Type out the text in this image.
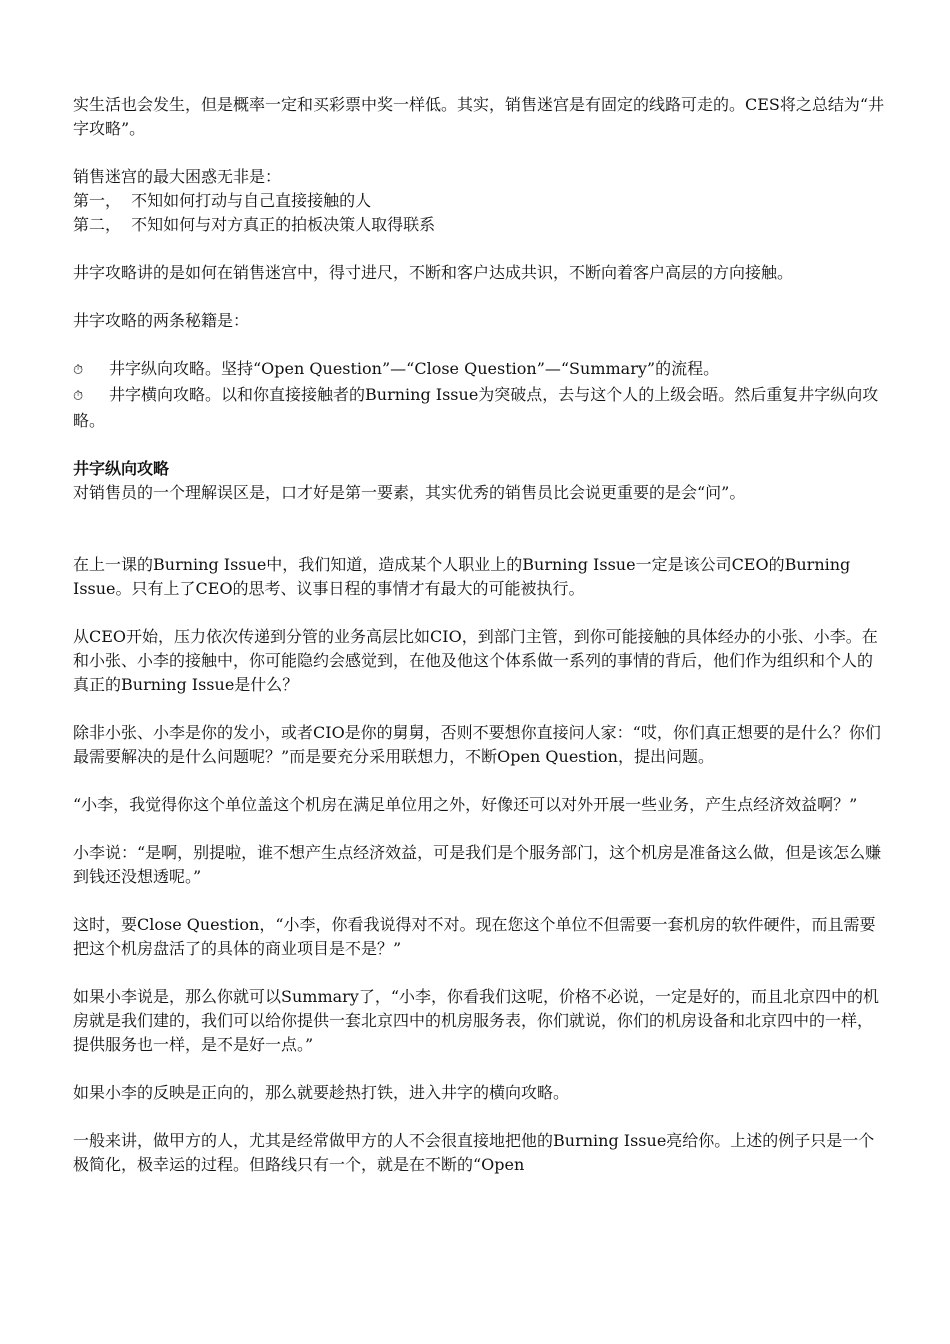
实生活也会发生，但是概率一定和买彩票中奖一样低。其实，销售迷宫是有固定的线路可走的。CES将之总结为“井字攻略”。

销售迷宫的最大困惑无非是：

第一，  不知如何打动与自己直接接触的人

第二，  不知如何与对方真正的拍板决策人取得联系

井字攻略讲的是如何在销售迷宫中，得寸进尺，不断和客户达成共识，不断向着客户高层的方向接触。

井字攻略的两条秘籍是：

⏱ 井字纵向攻略。坚持“Open Question”—“Close Question”—“Summary”的流程。

⏱ 井字横向攻略。以和你直接接触者的Burning Issue为突破点，去与这个人的上级会晤。然后重复井字纵向攻略。

井字纵向攻略

对销售员的一个理解误区是，口才好是第一要素，其实优秀的销售员比会说更重要的是会“问”。

在上一课的Burning Issue中，我们知道，造成某个人职业上的Burning Issue一定是该公司CEO的Burning Issue。只有上了CEO的思考、议事日程的事情才有最大的可能被执行。

从CEO开始，压力依次传递到分管的业务高层比如CIO，到部门主管，到你可能接触的具体经办的小张、小李。在和小张、小李的接触中，你可能隐约会感觉到，在他及他这个体系做一系列的事情的背后，他们作为组织和个人的真正的Burning Issue是什么？

除非小张、小李是你的发小，或者CIO是你的舅舅，否则不要想你直接问人家：“哎，你们真正想要的是什么？你们最需要解决的是什么问题呢？”而是要充分采用联想力，不断Open Question，提出问题。

“小李，我觉得你这个单位盖这个机房在满足单位用之外，好像还可以对外开展一些业务，产生点经济效益啊？”

小李说：“是啊，别提啦，谁不想产生点经济效益，可是我们是个服务部门，这个机房是准备这么做，但是该怎么赚到钱还没想透呢。”

这时，要Close Question，“小李，你看我说得对不对。现在您这个单位不但需要一套机房的软件硬件，而且需要把这个机房盘活了的具体的商业项目是不是？”

如果小李说是，那么你就可以Summary了，“小李，你看我们这呢，价格不必说，一定是好的，而且北京四中的机房就是我们建的，我们可以给你提供一套北京四中的机房服务表，你们就说，你们的机房设备和北京四中的一样，提供服务也一样，是不是好一点。”

如果小李的反映是正向的，那么就要趁热打铁，进入井字的横向攻略。

一般来讲，做甲方的人，尤其是经常做甲方的人不会很直接地把他的Burning Issue亮给你。上述的例子只是一个极简化，极幸运的过程。但路线只有一个，就是在不断的“Open
